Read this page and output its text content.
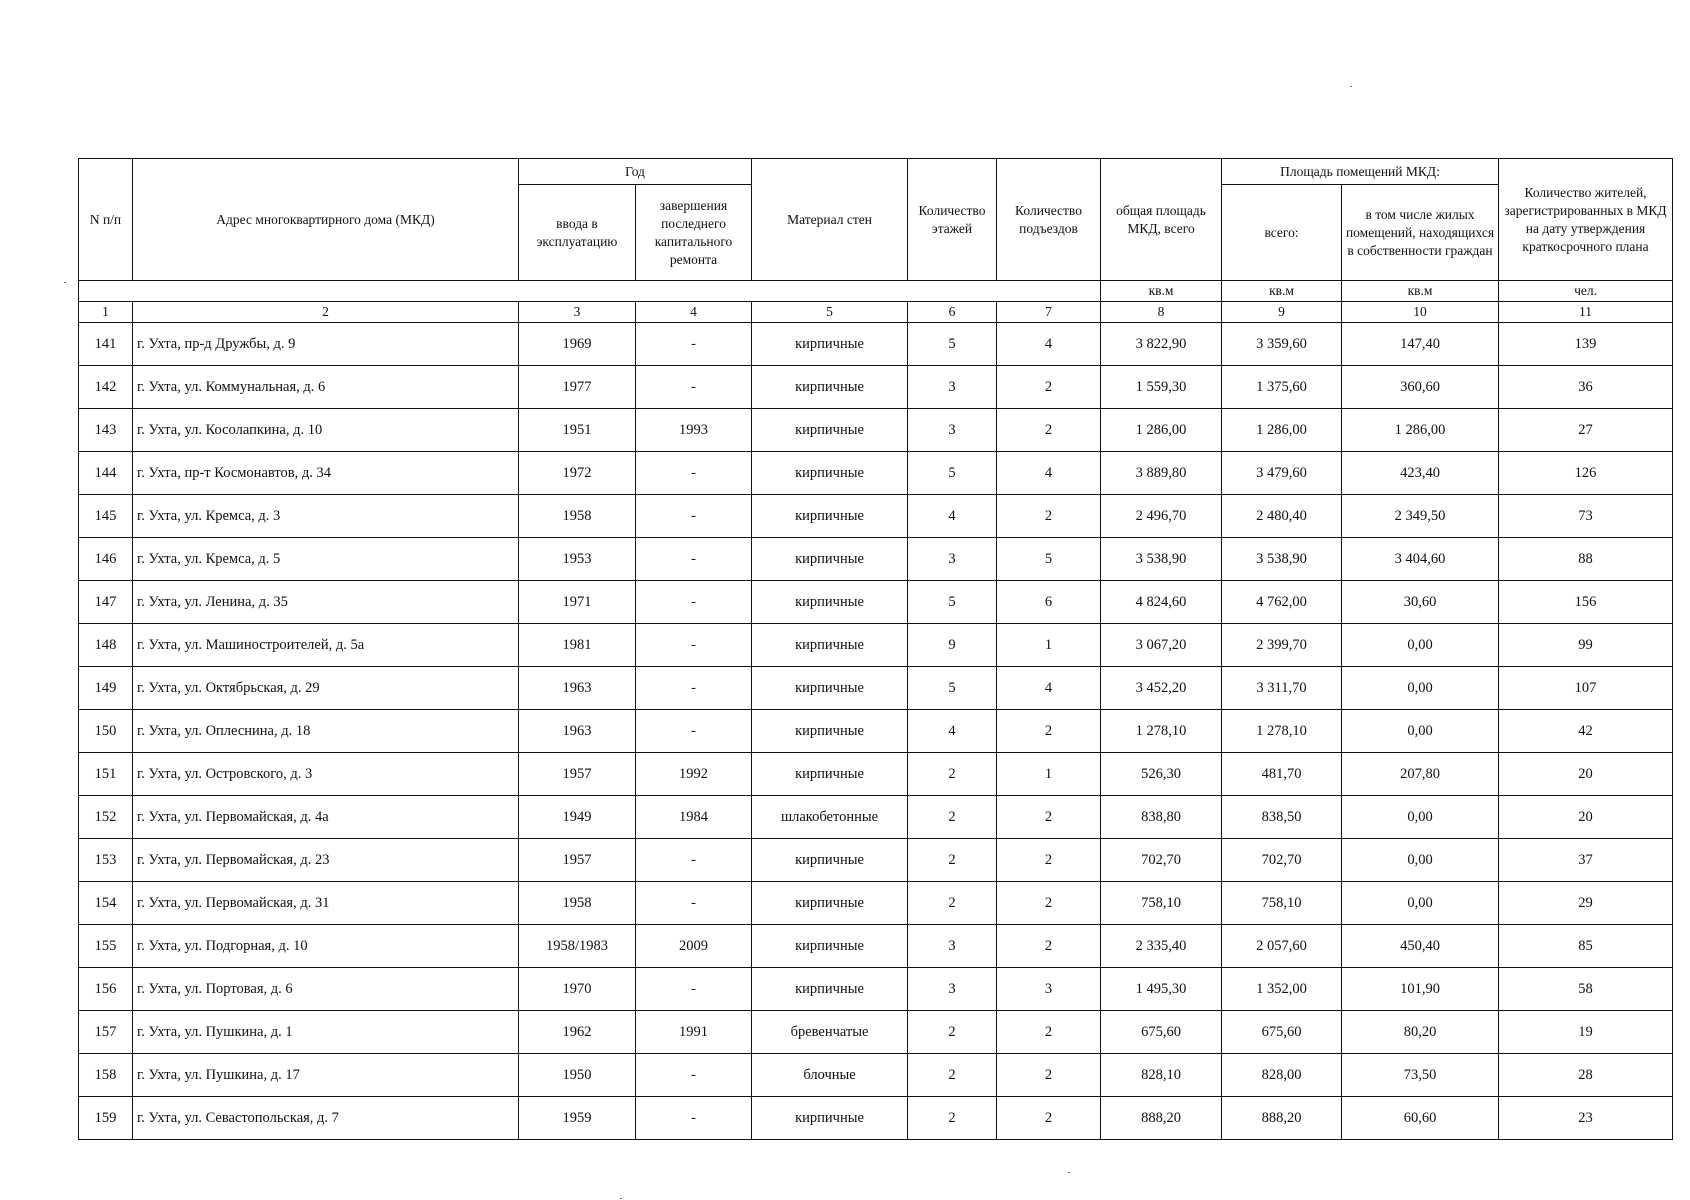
N п/п	Адрес многоквартирного дома (МКД)	Год		Материал стен	Количество этажей	Количество подъездов	общая площадь МКД, всего	Площадь помещений МКД:		Количество жителей, зарегистрированных в МКД на дату утверждения краткосрочного плана
		ввода в эксплуатацию	завершения последнего капитального ремонта					всего:	в том числе жилых помещений, находящихся в собственности граждан	
							кв.м	кв.м	кв.м	чел.
1	2	3	4	5	6	7	8	9	10	11
141	г. Ухта, пр-д Дружбы, д. 9	1969	-	кирпичные	5	4	3 822,90	3 359,60	147,40	139
142	г. Ухта, ул. Коммунальная, д. 6	1977	-	кирпичные	3	2	1 559,30	1 375,60	360,60	36
143	г. Ухта, ул. Косолапкина, д. 10	1951	1993	кирпичные	3	2	1 286,00	1 286,00	1 286,00	27
144	г. Ухта, пр-т Космонавтов, д. 34	1972	-	кирпичные	5	4	3 889,80	3 479,60	423,40	126
145	г. Ухта, ул. Кремса, д. 3	1958	-	кирпичные	4	2	2 496,70	2 480,40	2 349,50	73
146	г. Ухта, ул. Кремса, д. 5	1953	-	кирпичные	3	5	3 538,90	3 538,90	3 404,60	88
147	г. Ухта, ул. Ленина, д. 35	1971	-	кирпичные	5	6	4 824,60	4 762,00	30,60	156
148	г. Ухта, ул. Машиностроителей, д. 5а	1981	-	кирпичные	9	1	3 067,20	2 399,70	0,00	99
149	г. Ухта, ул. Октябрьская, д. 29	1963	-	кирпичные	5	4	3 452,20	3 311,70	0,00	107
150	г. Ухта, ул. Оплеснина, д. 18	1963	-	кирпичные	4	2	1 278,10	1 278,10	0,00	42
151	г. Ухта, ул. Островского, д. 3	1957	1992	кирпичные	2	1	526,30	481,70	207,80	20
152	г. Ухта, ул. Первомайская, д. 4а	1949	1984	шлакобетонные	2	2	838,80	838,50	0,00	20
153	г. Ухта, ул. Первомайская, д. 23	1957	-	кирпичные	2	2	702,70	702,70	0,00	37
154	г. Ухта, ул. Первомайская, д. 31	1958	-	кирпичные	2	2	758,10	758,10	0,00	29
155	г. Ухта, ул. Подгорная, д. 10	1958/1983	2009	кирпичные	3	2	2 335,40	2 057,60	450,40	85
156	г. Ухта, ул. Портовая, д. 6	1970	-	кирпичные	3	3	1 495,30	1 352,00	101,90	58
157	г. Ухта, ул. Пушкина, д. 1	1962	1991	бревенчатые	2	2	675,60	675,60	80,20	19
158	г. Ухта, ул. Пушкина, д. 17	1950	-	блочные	2	2	828,10	828,00	73,50	28
159	г. Ухта, ул. Севастопольская, д. 7	1959	-	кирпичные	2	2	888,20	888,20	60,60	23
